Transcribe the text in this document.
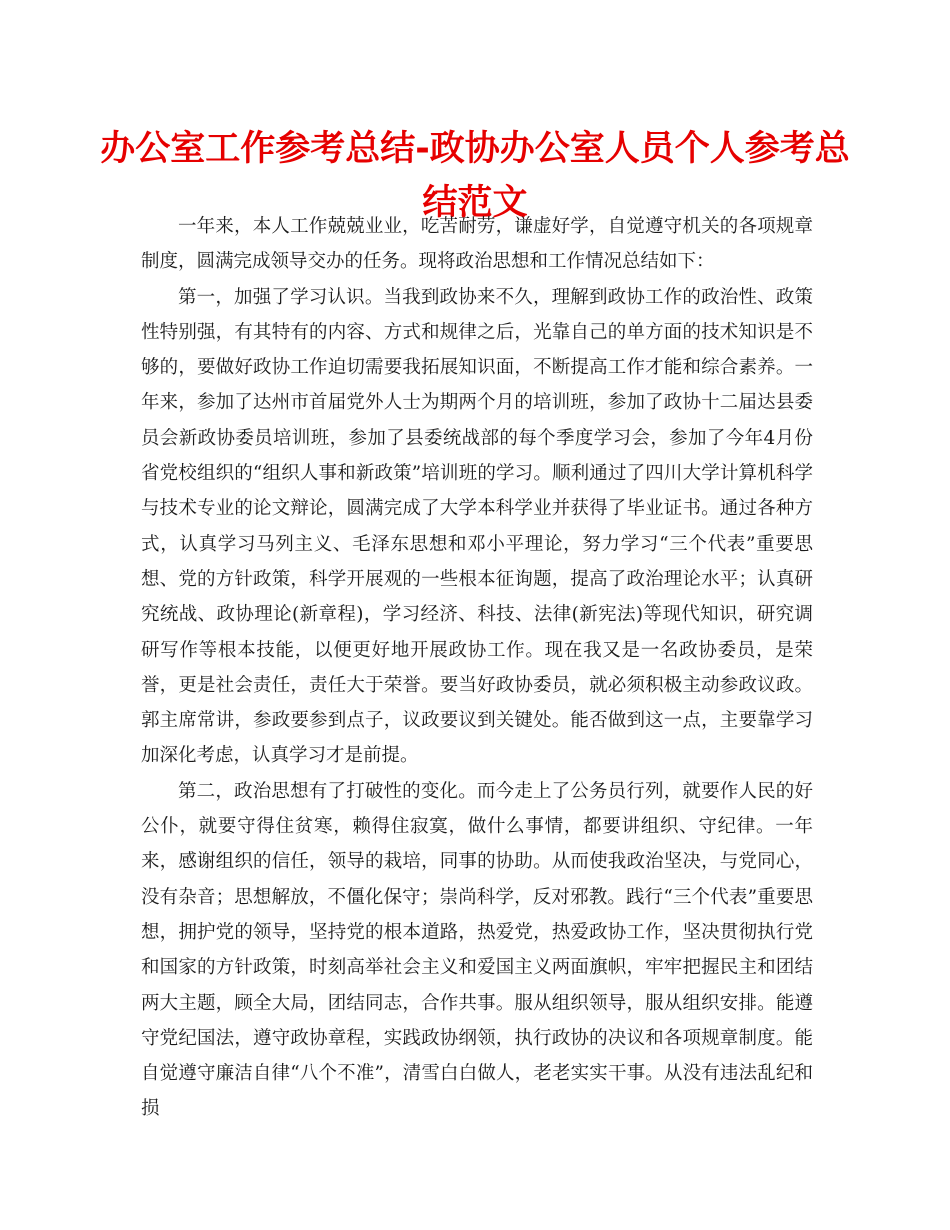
办公室工作参考总结-政协办公室人员个人参考总结范文

一年来，本人工作兢兢业业，吃苦耐劳，谦虚好学，自觉遵守机关的各项规章制度，圆满完成领导交办的任务。现将政治思想和工作情况总结如下：

第一，加强了学习认识。当我到政协来不久，理解到政协工作的政治性、政策性特别强，有其特有的内容、方式和规律之后，光靠自己的单方面的技术知识是不够的，要做好政协工作迫切需要我拓展知识面，不断提高工作才能和综合素养。一年来，参加了达州市首届党外人士为期两个月的培训班，参加了政协十二届达县委员会新政协委员培训班，参加了县委统战部的每个季度学习会，参加了今年4月份省党校组织的“组织人事和新政策”培训班的学习。顺利通过了四川大学计算机科学与技术专业的论文辩论，圆满完成了大学本科学业并获得了毕业证书。通过各种方式，认真学习马列主义、毛泽东思想和邓小平理论，努力学习“三个代表”重要思想、党的方针政策，科学开展观的一些根本征询题，提高了政治理论水平；认真研究统战、政协理论(新章程)，学习经济、科技、法律(新宪法)等现代知识，研究调研写作等根本技能，以便更好地开展政协工作。现在我又是一名政协委员，是荣誉，更是社会责任，责任大于荣誉。要当好政协委员，就必须积极主动参政议政。郭主席常讲，参政要参到点子，议政要议到关键处。能否做到这一点，主要靠学习加深化考虑，认真学习才是前提。

第二，政治思想有了打破性的变化。而今走上了公务员行列，就要作人民的好公仆，就要守得住贫寒，赖得住寂寞，做什么事情，都要讲组织、守纪律。一年来，感谢组织的信任，领导的栽培，同事的协助。从而使我政治坚决，与党同心，没有杂音；思想解放，不僵化保守；崇尚科学，反对邪教。践行“三个代表”重要思想，拥护党的领导，坚持党的根本道路，热爱党，热爱政协工作，坚决贯彻执行党和国家的方针政策，时刻高举社会主义和爱国主义两面旗帜，牢牢把握民主和团结两大主题，顾全大局，团结同志，合作共事。服从组织领导，服从组织安排。能遵守党纪国法，遵守政协章程，实践政协纲领，执行政协的决议和各项规章制度。能自觉遵守廉洁自律“八个不准”，清雪白白做人，老老实实干事。从没有违法乱纪和损
